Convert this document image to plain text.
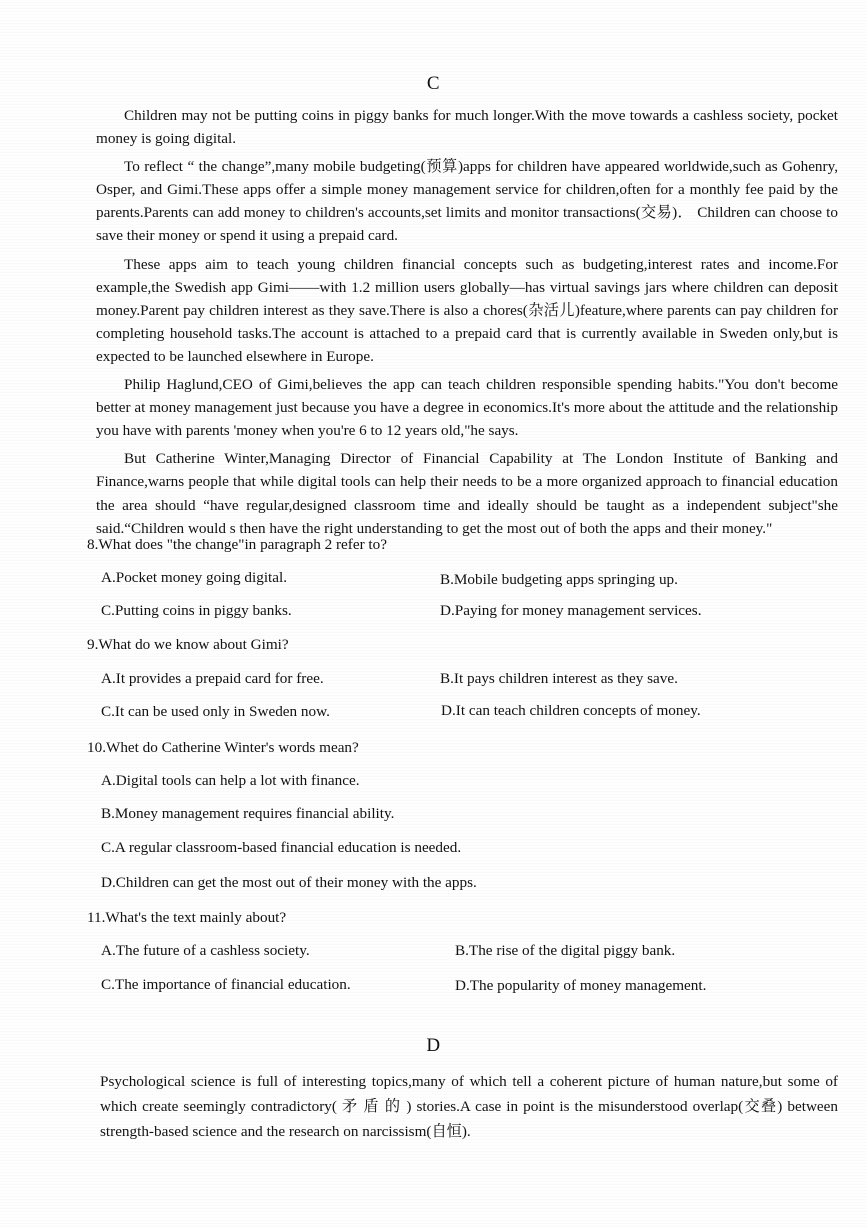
C

Children may not be putting coins in piggy banks for much longer.With the move towards a cashless society, pocket money is going digital.

To reflect “ the change”,many mobile budgeting(预算)apps for children have appeared worldwide,such as Gohenry, Osper, and Gimi.These apps offer a simple money management service for children,often for a monthly fee paid by the parents.Parents can add money to children's accounts,set limits and monitor transactions(交易)． Children can choose to save their money or spend it using a prepaid card.

These apps aim to teach young children financial concepts such as budgeting,interest rates and income.For example,the Swedish app Gimi——with 1.2 million users globally—has virtual savings jars where children can deposit money.Parent pay children interest as they save.There is also a chores(杂活儿)feature,where parents can pay children for completing household tasks.The account is attached to a prepaid card that is currently available in Sweden only,but is expected to be launched elsewhere in Europe.

Philip Haglund,CEO of Gimi,believes the app can teach children responsible spending habits."You don't become better at money management just because you have a degree in economics.It's more about the attitude and the relationship you have with parents 'money when you're 6 to 12 years old,"he says.

But Catherine Winter,Managing Director of Financial Capability at The London Institute of Banking and Finance,warns people that while digital tools can help their needs to be a more organized approach to financial education the area should “have regular,designed classroom time and ideally should be taught as a independent subject"she said.“Children would s then have the right understanding to get the most out of both the apps and their money."

8.What does "the change"in paragraph 2 refer to?
A.Pocket money going digital.	B.Mobile budgeting apps springing up.
C.Putting coins in piggy banks.	D.Paying for money management services.
9.What do we know about Gimi?
A.It provides a prepaid card for free.	B.It pays children interest as they save.
C.It can be used only in Sweden now.	D.It can teach children concepts of money.
10.Whet do Catherine Winter's words mean?
A.Digital tools can help a lot with finance.
B.Money management requires financial ability.
C.A regular classroom-based financial education is needed.
D.Children can get the most out of their money with the apps.
11.What's the text mainly about?
A.The future of a cashless society.	B.The rise of the digital piggy bank.
C.The importance of financial education.	D.The popularity of money management.
D

Psychological science is full of interesting topics,many of which tell a coherent picture of human nature,but some of which create seemingly contradictory( 矛 盾 的 ) stories.A case in point is the misunderstood overlap(交叠) between strength-based science and the research on narcissism(自恒).
